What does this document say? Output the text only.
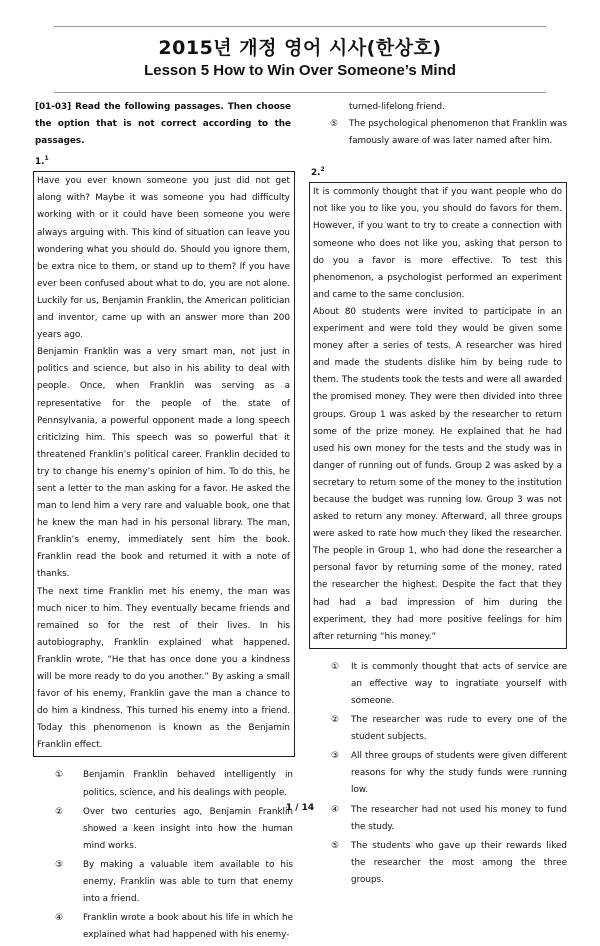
2015년 개정 영어 시사(한상호)
Lesson 5 How to Win Over Someone’s Mind
[01-03] Read the following passages. Then choose the option that is not correct according to the passages.
1.$^1$

Have you ever known someone you just did not get along with? Maybe it was someone you had difficulty working with or it could have been someone you were always arguing with. This kind of situation can leave you wondering what you should do. Should you ignore them, be extra nice to them, or stand up to them? If you have ever been confused about what to do, you are not alone. Luckily for us, Benjamin Franklin, the American politician and inventor, came up with an answer more than 200 years ago.

Benjamin Franklin was a very smart man, not just in politics and science, but also in his ability to deal with people. Once, when Franklin was serving as a representative for the people of the state of Pennsylvania, a powerful opponent made a long speech criticizing him. This speech was so powerful that it threatened Franklin’s political career. Franklin decided to try to change his enemy’s opinion of him. To do this, he sent a letter to the man asking for a favor. He asked the man to lend him a very rare and valuable book, one that he knew the man had in his personal library. The man, Franklin’s enemy, immediately sent him the book. Franklin read the book and returned it with a note of thanks.

The next time Franklin met his enemy, the man was much nicer to him. They eventually became friends and remained so for the rest of their lives. In his autobiography, Franklin explained what happened. Franklin wrote, “He that has once done you a kindness will be more ready to do you another.” By asking a small favor of his enemy, Franklin gave the man a chance to do him a kindness. This turned his enemy into a friend. Today this phenomenon is known as the Benjamin Franklin effect.

① Benjamin Franklin behaved intelligently in politics, science, and his dealings with people.
② Over two centuries ago, Benjamin Franklin showed a keen insight into how the human mind works.
③ By making a valuable item available to his enemy, Franklin was able to turn that enemy into a friend.
④ Franklin wrote a book about his life in which he explained what had happened with his enemy-
turned-lifelong friend.
⑤ The psychological phenomenon that Franklin was famously aware of was later named after him.
2.$^2$

It is commonly thought that if you want people who do not like you to like you, you should do favors for them. However, if you want to try to create a connection with someone who does not like you, asking that person to do you a favor is more effective. To test this phenomenon, a psychologist performed an experiment and came to the same conclusion.

About 80 students were invited to participate in an experiment and were told they would be given some money after a series of tests. A researcher was hired and made the students dislike him by being rude to them. The students took the tests and were all awarded the promised money. They were then divided into three groups. Group 1 was asked by the researcher to return some of the prize money. He explained that he had used his own money for the tests and the study was in danger of running out of funds. Group 2 was asked by a secretary to return some of the money to the institution because the budget was running low. Group 3 was not asked to return any money. Afterward, all three groups were asked to rate how much they liked the researcher. The people in Group 1, who had done the researcher a personal favor by returning some of the money, rated the researcher the highest. Despite the fact that they had had a bad impression of him during the experiment, they had more positive feelings for him after returning “his money.”

① It is commonly thought that acts of service are an effective way to ingratiate yourself with someone.
② The researcher was rude to every one of the student subjects.
③ All three groups of students were given different reasons for why the study funds were running low.
④ The researcher had not used his money to fund the study.
⑤ The students who gave up their rewards liked the researcher the most among the three groups.
1 / 14
